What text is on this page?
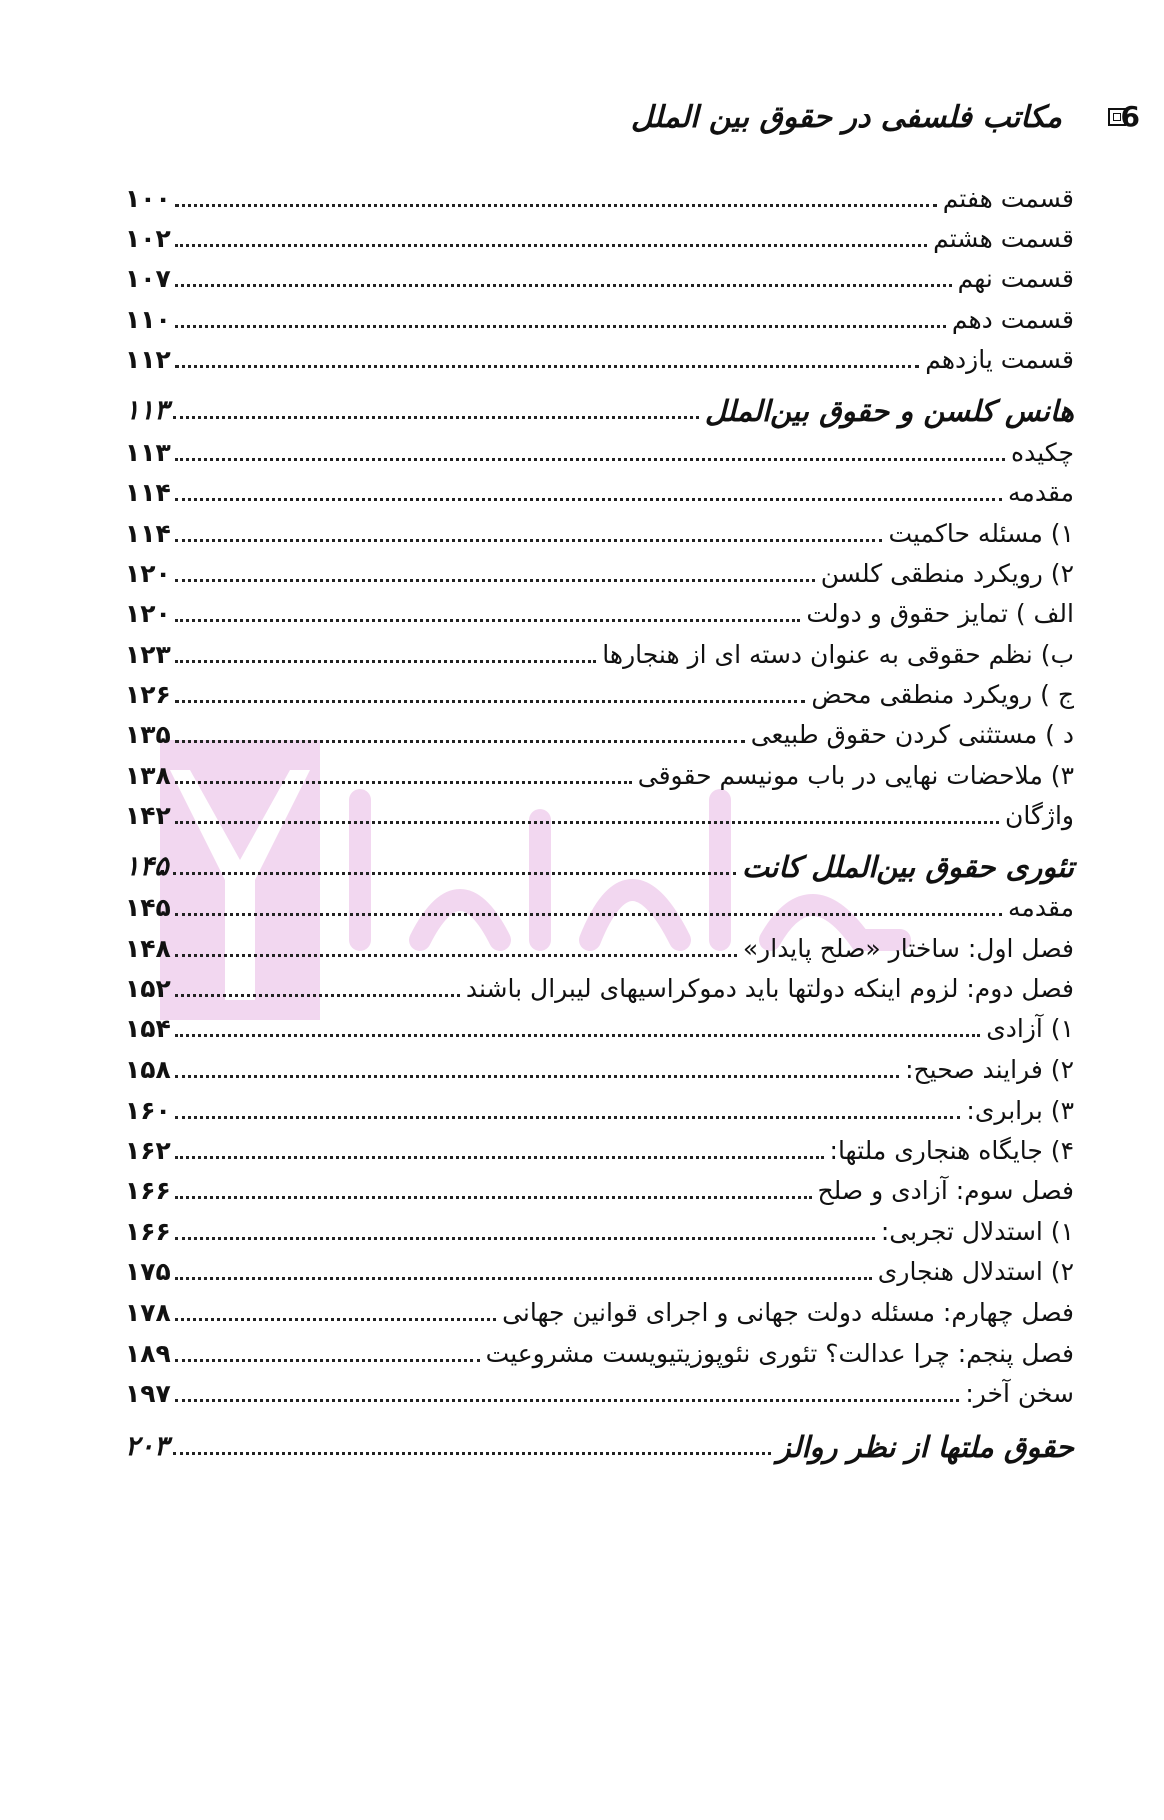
مکاتب فلسفی در حقوق بین الملل 6
۱۰۰	قسمت هفتم
۱۰۲	قسمت هشتم
۱۰۷	قسمت نهم
۱۱۰	قسمت دهم
۱۱۲	قسمت یازدهم
۱۱۳	هانس کلسن و حقوق بین‌الملل
۱۱۳	چکیده
۱۱۴	مقدمه
۱۱۴	۱) مسئله حاکمیت
۱۲۰	۲) رویکرد منطقی کلسن
۱۲۰	الف ) تمایز حقوق و دولت
۱۲۳	ب) نظم حقوقی به عنوان دسته ای از هنجارها
۱۲۶	ج ) رویکرد منطقی محض
۱۳۵	د ) مستثنی کردن حقوق طبیعی
۱۳۸	۳) ملاحضات نهایی در باب مونیسم حقوقی
۱۴۲	واژگان
۱۴۵	تئوری حقوق بین‌الملل کانت
۱۴۵	مقدمه
۱۴۸	فصل اول: ساختار «صلح پایدار»
۱۵۲	فصل دوم: لزوم اینکه دولتها باید دموکراسیهای لیبرال باشند
۱۵۴	۱) آزادی
۱۵۸	۲) فرایند صحیح:
۱۶۰	۳) برابری:
۱۶۲	۴) جایگاه هنجاری ملتها:
۱۶۶	فصل سوم: آزادی و صلح
۱۶۶	۱) استدلال تجربی:
۱۷۵	۲) استدلال هنجاری
۱۷۸	فصل چهارم: مسئله دولت جهانی و اجرای قوانین جهانی
۱۸۹	فصل پنجم: چرا عدالت؟ تئوری نئوپوزیتیویست مشروعیت
۱۹۷	سخن آخر:
۲۰۳	حقوق ملتها از نظر روالز
